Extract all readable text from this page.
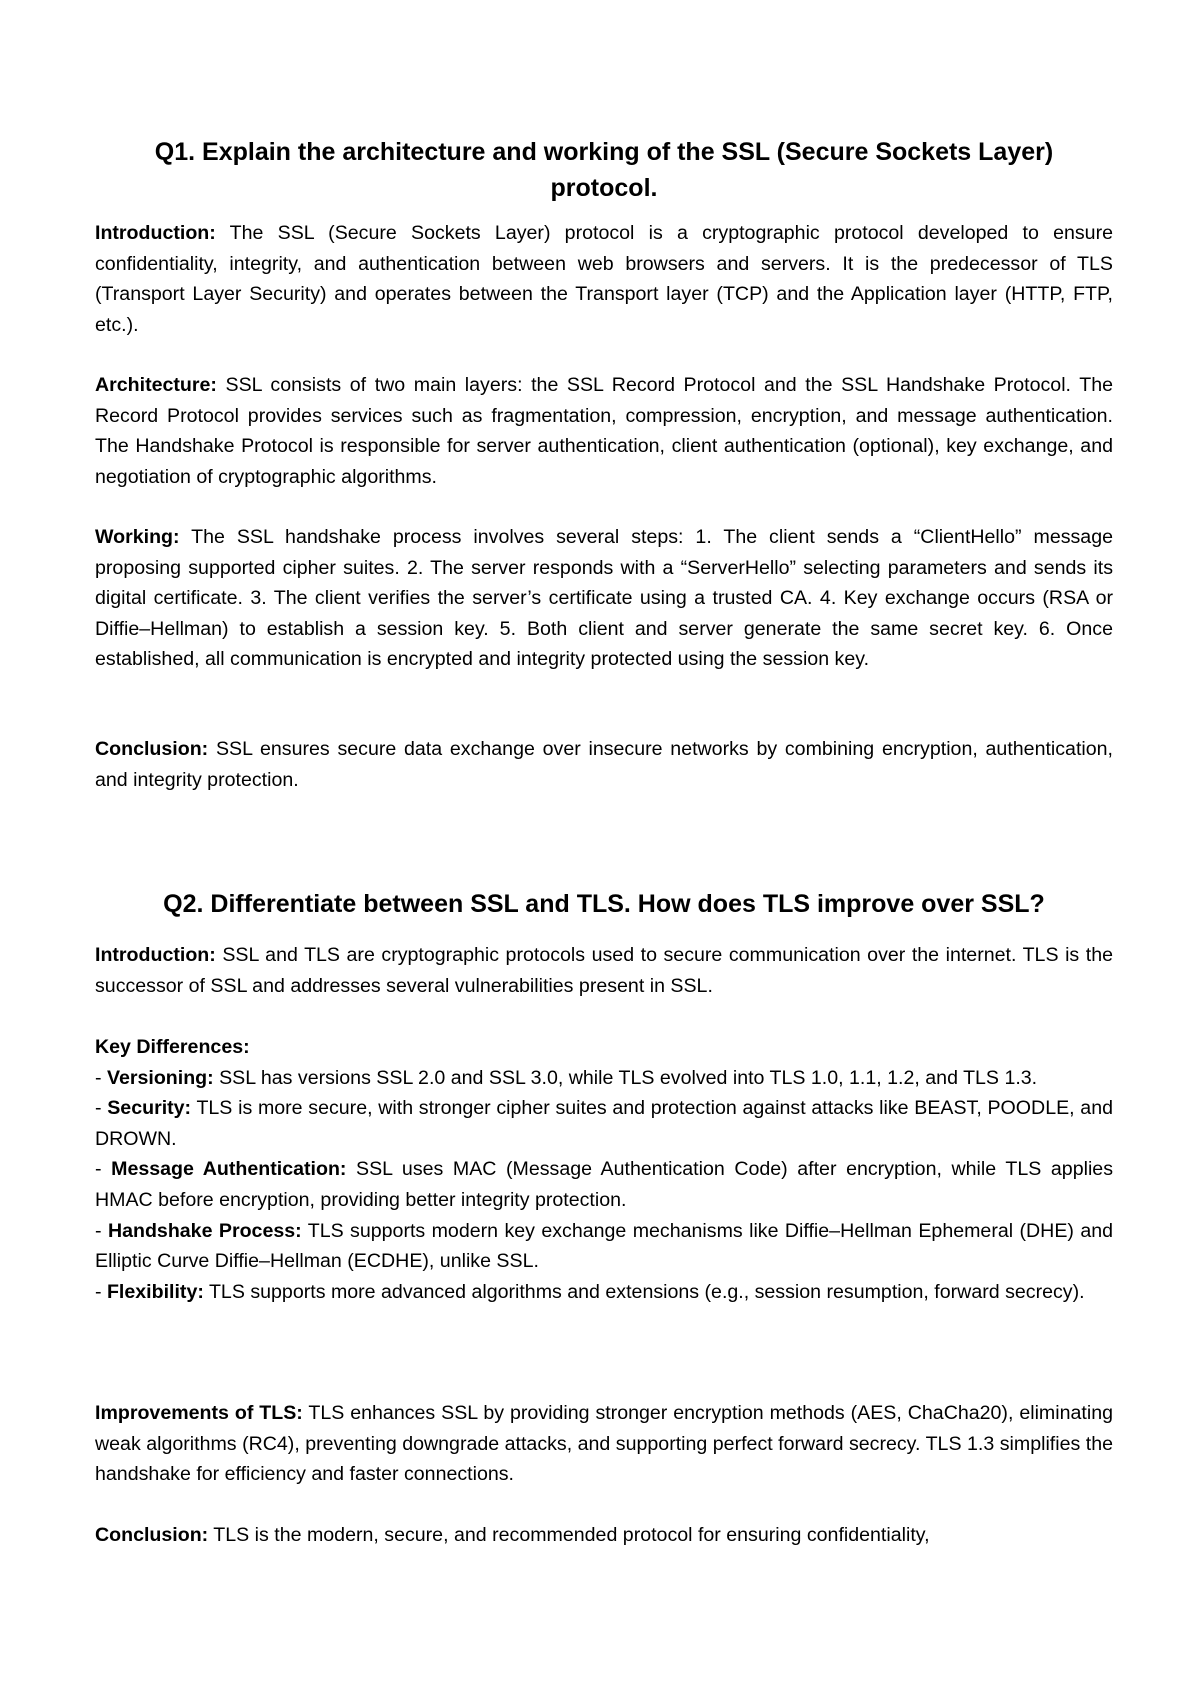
Q1. Explain the architecture and working of the SSL (Secure Sockets Layer) protocol.

Introduction: The SSL (Secure Sockets Layer) protocol is a cryptographic protocol developed to ensure confidentiality, integrity, and authentication between web browsers and servers. It is the predecessor of TLS (Transport Layer Security) and operates between the Transport layer (TCP) and the Application layer (HTTP, FTP, etc.).

Architecture: SSL consists of two main layers: the SSL Record Protocol and the SSL Handshake Protocol. The Record Protocol provides services such as fragmentation, compression, encryption, and message authentication. The Handshake Protocol is responsible for server authentication, client authentication (optional), key exchange, and negotiation of cryptographic algorithms.

Working: The SSL handshake process involves several steps: 1. The client sends a “ClientHello” message proposing supported cipher suites. 2. The server responds with a “ServerHello” selecting parameters and sends its digital certificate. 3. The client verifies the server’s certificate using a trusted CA. 4. Key exchange occurs (RSA or Diffie–Hellman) to establish a session key. 5. Both client and server generate the same secret key. 6. Once established, all communication is encrypted and integrity protected using the session key.

Conclusion: SSL ensures secure data exchange over insecure networks by combining encryption, authentication, and integrity protection.

Q2. Differentiate between SSL and TLS. How does TLS improve over SSL?

Introduction: SSL and TLS are cryptographic protocols used to secure communication over the internet. TLS is the successor of SSL and addresses several vulnerabilities present in SSL.

Key Differences:

- Versioning: SSL has versions SSL 2.0 and SSL 3.0, while TLS evolved into TLS 1.0, 1.1, 1.2, and TLS 1.3.
- Security: TLS is more secure, with stronger cipher suites and protection against attacks like BEAST, POODLE, and DROWN.
- Message Authentication: SSL uses MAC (Message Authentication Code) after encryption, while TLS applies HMAC before encryption, providing better integrity protection.
- Handshake Process: TLS supports modern key exchange mechanisms like Diffie–Hellman Ephemeral (DHE) and Elliptic Curve Diffie–Hellman (ECDHE), unlike SSL.
- Flexibility: TLS supports more advanced algorithms and extensions (e.g., session resumption, forward secrecy).

Improvements of TLS: TLS enhances SSL by providing stronger encryption methods (AES, ChaCha20), eliminating weak algorithms (RC4), preventing downgrade attacks, and supporting perfect forward secrecy. TLS 1.3 simplifies the handshake for efficiency and faster connections.

Conclusion: TLS is the modern, secure, and recommended protocol for ensuring confidentiality,
